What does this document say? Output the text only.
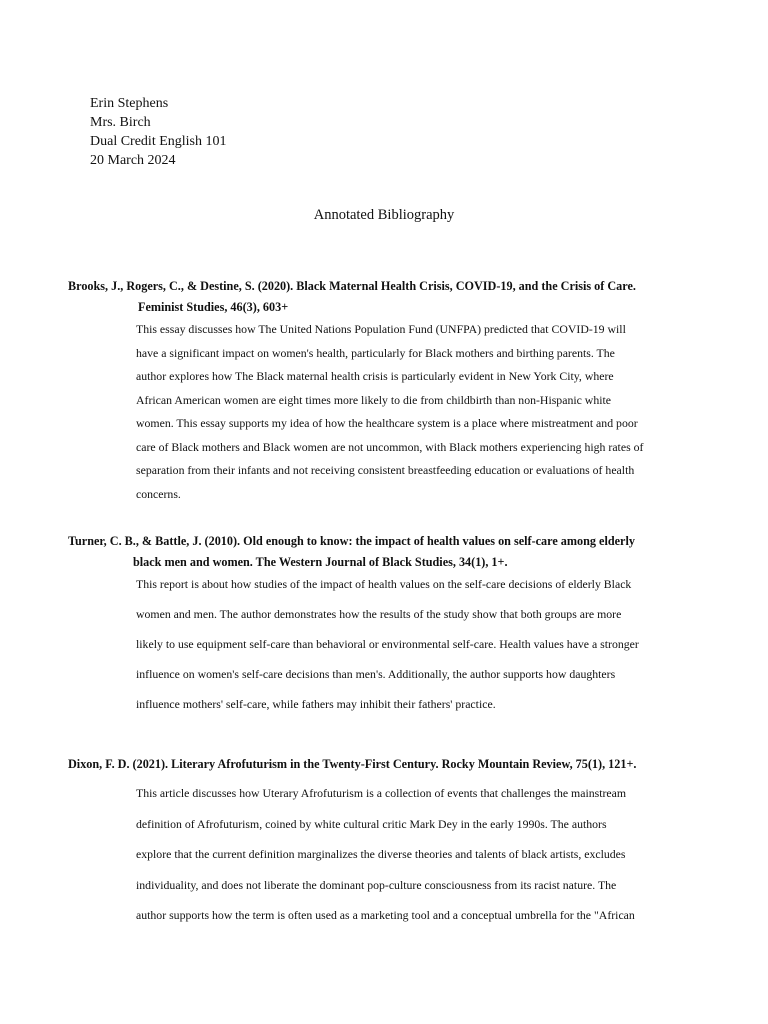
Erin Stephens
Mrs. Birch
Dual Credit English 101
20 March 2024
Annotated Bibliography
Brooks, J., Rogers, C., & Destine, S. (2020). Black Maternal Health Crisis, COVID-19, and the Crisis of Care.
Feminist Studies, 46(3), 603+
This essay discusses how The United Nations Population Fund (UNFPA) predicted that COVID-19 will
have a significant impact on women's health, particularly for Black mothers and birthing parents. The
author explores how The Black maternal health crisis is particularly evident in New York City, where
African American women are eight times more likely to die from childbirth than non-Hispanic white
women. This essay supports my idea of how the healthcare system is a place where mistreatment and poor
care of Black mothers and Black women are not uncommon, with Black mothers experiencing high rates of
separation from their infants and not receiving consistent breastfeeding education or evaluations of health
concerns.
Turner, C. B., & Battle, J. (2010). Old enough to know: the impact of health values on self-care among elderly
black men and women. The Western Journal of Black Studies, 34(1), 1+.
This report is about how studies of the impact of health values on the self-care decisions of elderly Black
women and men. The author demonstrates how the results of the study show that both groups are more
likely to use equipment self-care than behavioral or environmental self-care. Health values have a stronger
influence on women's self-care decisions than men's. Additionally, the author supports how daughters
influence mothers' self-care, while fathers may inhibit their fathers' practice.
Dixon, F. D. (2021). Literary Afrofuturism in the Twenty-First Century. Rocky Mountain Review, 75(1), 121+.
This article discusses how Uterary Afrofuturism is a collection of events that challenges the mainstream
definition of Afrofuturism, coined by white cultural critic Mark Dey in the early 1990s. The authors
explore that the current definition marginalizes the diverse theories and talents of black artists, excludes
individuality, and does not liberate the dominant pop-culture consciousness from its racist nature. The
author supports how the term is often used as a marketing tool and a conceptual umbrella for the "African
